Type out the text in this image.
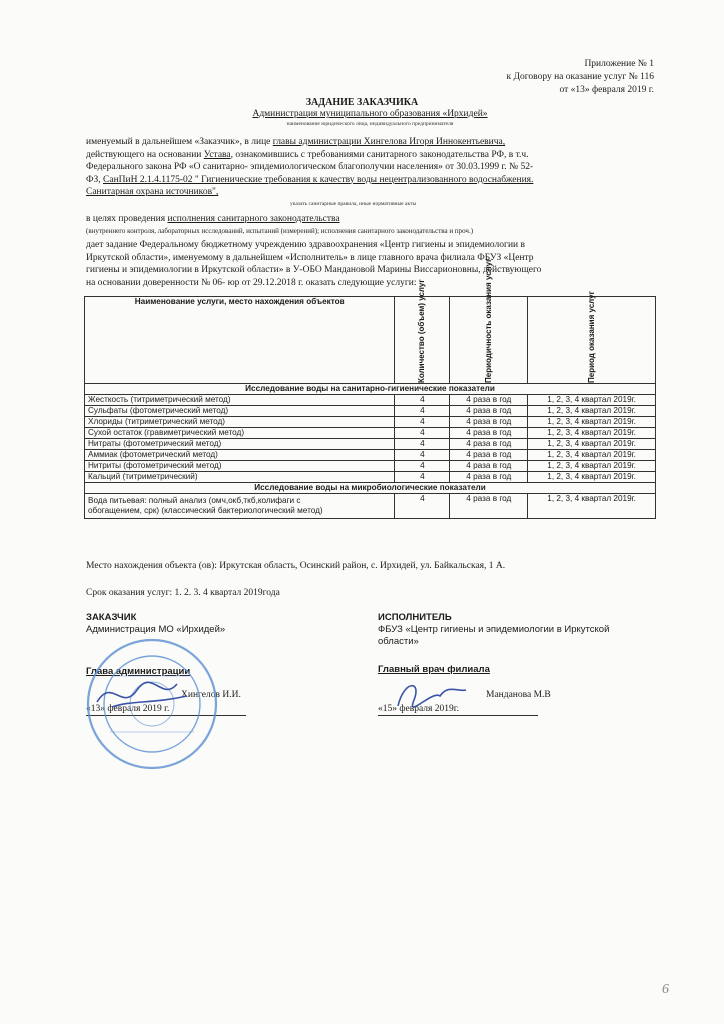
Приложение № 1
к Договору на оказание услуг № 116
от «13» февраля 2019 г.
ЗАДАНИЕ ЗАКАЗЧИКА
Администрация муниципального образования «Ирхидей»
наименование юридического лица, индивидуального предпринимателя
именуемый в дальнейшем «Заказчик», в лице главы администрации Хингелова Игоря Иннокентьевича,
действующего на основании Устава, ознакомившись с требованиями санитарного законодательства РФ, в т.ч.
Федерального закона РФ «О санитарно- эпидемиологическом благополучии населения» от 30.03.1999 г. № 52-
ФЗ, СанПиН 2.1.4.1175-02 " Гигиенические требования к качеству воды нецентрализованного водоснабжения.
Санитарная охрана источников",
указать санитарные правила, иные нормативные акты
в целях проведения исполнения санитарного законодательства
(внутреннего контроля, лабораторных исследований, испытаний (измерений); исполнения санитарного законодательства и проч.)
дает задание Федеральному бюджетному учреждению здравоохранения «Центр гигиены и эпидемиологии в
Иркутской области», именуемому в дальнейшем «Исполнитель» в лице главного врача филиала ФБУЗ «Центр
гигиены и эпидемиологии в Иркутской области» в У-ОБО Мандановой Марины Виссарионовны, действующего
на основании доверенности № 06- юр от 29.12.2018 г. оказать следующие услуги:
Наименование услуги, место нахождения объектов	Количество (объем) услуг	Периодичность оказания услуг	Период оказания услуг

Исследование воды на санитарно-гигиенические показатели			
Жесткость (титриметрический метод)	4	4 раза в год	1, 2, 3, 4 квартал 2019г.
Сульфаты (фотометрический метод)	4	4 раза в год	1, 2, 3, 4 квартал 2019г.
Хлориды (титриметрический метод)	4	4 раза в год	1, 2, 3, 4 квартал 2019г.
Сухой остаток (гравиметрический метод)	4	4 раза в год	1, 2, 3, 4 квартал 2019г.
Нитраты (фотометрический метод)	4	4 раза в год	1, 2, 3, 4 квартал 2019г.
Аммиак (фотометрический метод)	4	4 раза в год	1, 2, 3, 4 квартал 2019г.
Нитриты (фотометрический метод)	4	4 раза в год	1, 2, 3, 4 квартал 2019г.
Кальций (титриметрический)	4	4 раза в год	1, 2, 3, 4 квартал 2019г.
Исследование воды на микробиологические показатели			

Вода питьевая: полный анализ (омч,окб,ткб,колифаги с
обогащением, срк) (классический бактериологический метод)	4	4 раза в год	1, 2, 3, 4 квартал 2019г.
Место нахождения объекта (ов): Иркутская область, Осинский район, с. Ирхидей, ул. Байкальская, 1 А.
Срок оказания услуг: 1. 2. 3. 4 квартал 2019года
ЗАКАЗЧИК
Администрация МО «Ирхидей»
Глава администрации
Хингелов И.И.
«13» февраля 2019 г.
ИСПОЛНИТЕЛЬ
ФБУЗ «Центр гигиены и эпидемиологии в Иркутской
области»
Главный врач филиала
Манданова М.В
«15» февраля 2019г.
6
